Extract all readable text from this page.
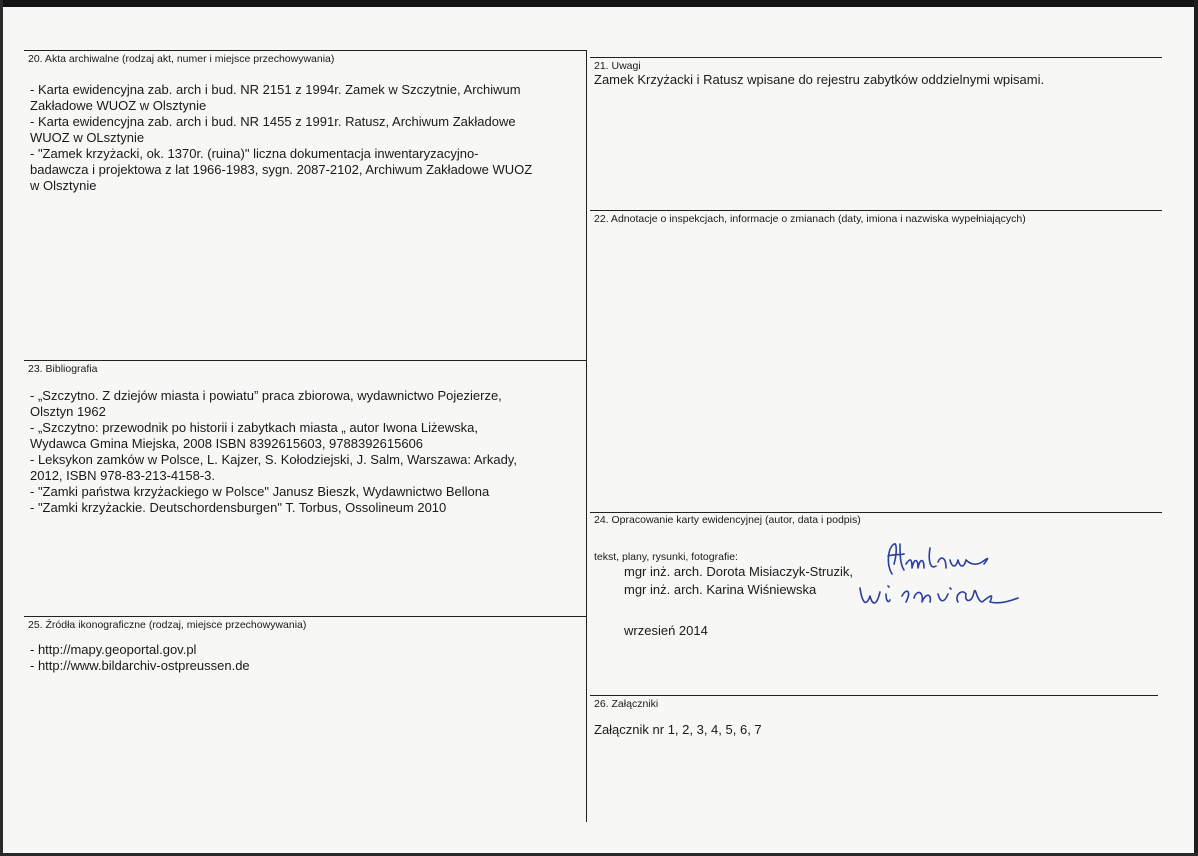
20. Akta archiwalne (rodzaj akt, numer i miejsce przechowywania)
- Karta ewidencyjna zab. arch i bud. NR 2151 z 1994r. Zamek w Szczytnie, Archiwum
Zakładowe WUOZ w Olsztynie
- Karta ewidencyjna zab. arch i bud. NR 1455 z 1991r. Ratusz, Archiwum Zakładowe
WUOZ w OLsztynie
- "Zamek krzyżacki, ok. 1370r. (ruina)" liczna dokumentacja inwentaryzacyjno-
badawcza i projektowa z lat 1966-1983, sygn. 2087-2102, Archiwum Zakładowe WUOZ
w Olsztynie
21. Uwagi
Zamek Krzyżacki i Ratusz wpisane do rejestru zabytków oddzielnymi wpisami.
22. Adnotacje o inspekcjach, informacje o zmianach (daty, imiona i nazwiska wypełniających)
23. Bibliografia
- „Szczytno. Z dziejów miasta i powiatu” praca zbiorowa, wydawnictwo Pojezierze,
Olsztyn 1962
- „Szczytno: przewodnik po historii i zabytkach miasta „ autor Iwona Liżewska,
Wydawca Gmina Miejska, 2008 ISBN 8392615603, 9788392615606
- Leksykon zamków w Polsce, L. Kajzer, S. Kołodziejski, J. Salm, Warszawa: Arkady,
2012, ISBN 978-83-213-4158-3.
- "Zamki państwa krzyżackiego w Polsce" Janusz Bieszk, Wydawnictwo Bellona
- "Zamki krzyżackie. Deutschordensburgen" T. Torbus, Ossolineum 2010
24. Opracowanie karty ewidencyjnej (autor, data i podpis)
tekst, plany, rysunki, fotografie:
mgr inż. arch. Dorota Misiaczyk-Struzik,
mgr inż. arch. Karina Wiśniewska
wrzesień 2014
25. Źródła ikonograficzne (rodzaj, miejsce przechowywania)
- http://mapy.geoportal.gov.pl
- http://www.bildarchiv-ostpreussen.de
26. Załączniki
Załącznik nr 1, 2, 3, 4, 5, 6, 7
